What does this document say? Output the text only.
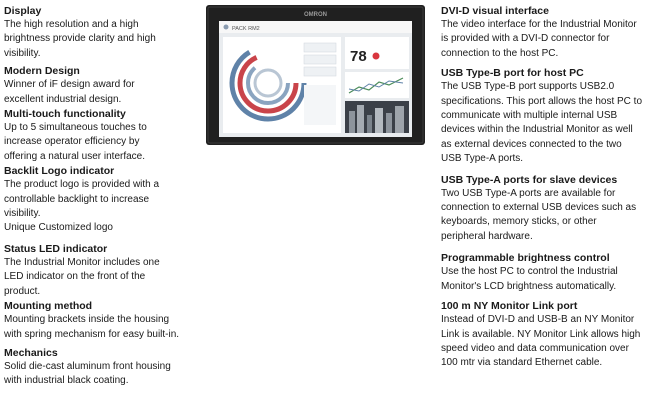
Display
The high resolution and a high
brightness provide clarity and high
visibility.
Modern Design
Winner of iF design award for
excellent industrial design.
Multi-touch functionality
Up to 5 simultaneous touches to
increase operator efficiency by
offering a natural user interface.
Backlit Logo indicator
The product logo is provided with a
controllable backlight to increase
visibility.
Unique Customized logo
Status LED indicator
The Industrial Monitor includes one
LED indicator on the front of the
product.
Mounting method
Mounting brackets inside the housing
with spring mechanism for easy built-in.
Mechanics
Solid die-cast aluminum front housing
with industrial black coating.
OMRON
PACK RM2
78
DVI-D visual interface
The video interface for the Industrial Monitor
is provided with a DVI-D connector for
connection to the host PC.
USB Type-B port for host PC
The USB Type-B port supports USB2.0
specifications. This port allows the host PC to
communicate with multiple internal USB
devices within the Industrial Monitor as well
as external devices connected to the two
USB Type-A ports.
USB Type-A ports for slave devices
Two USB Type-A ports are available for
connection to external USB devices such as
keyboards, memory sticks, or other
peripheral hardware.
Programmable brightness control
Use the host PC to control the Industrial
Monitor's LCD brightness automatically.
100 m NY Monitor Link port
Instead of DVI-D and USB-B an NY Monitor
Link is available. NY Monitor Link allows high
speed video and data communication over
100 mtr via standard Ethernet cable.
